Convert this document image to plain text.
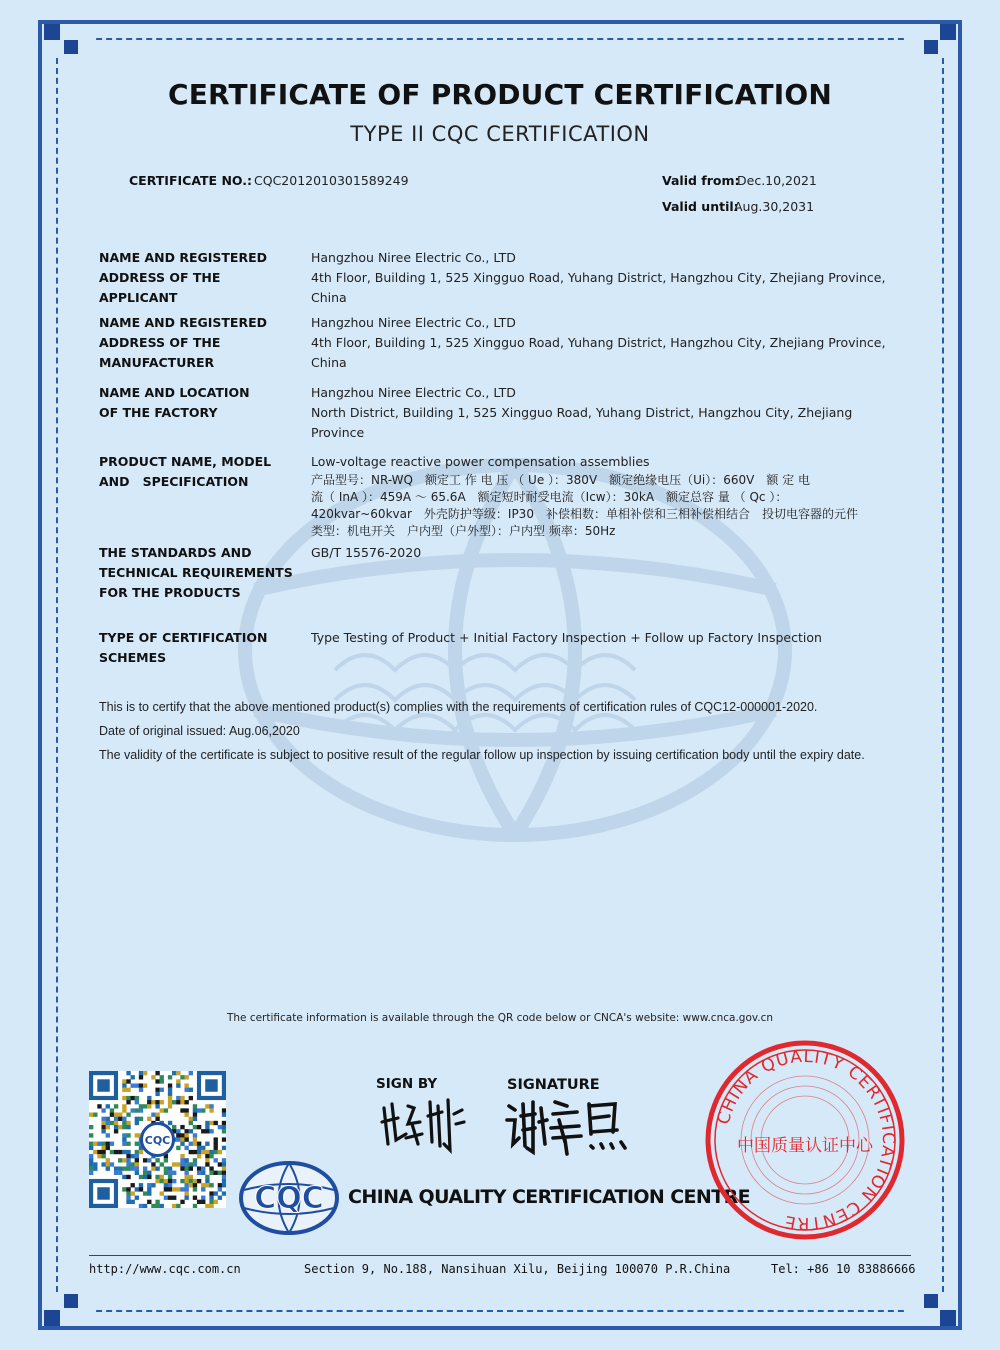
CERTIFICATE OF PRODUCT CERTIFICATION
TYPE II CQC CERTIFICATION
CERTIFICATE NO.: CQC2012010301589249	Valid from:
Dec.10,2021
Valid until:
Aug.30,2031
NAME AND REGISTERED
ADDRESS OF THE APPLICANT
Hangzhou Niree Electric Co., LTD
4th Floor, Building 1, 525 Xingguo Road, Yuhang District, Hangzhou City, Zhejiang Province,
China
NAME AND REGISTERED
ADDRESS OF THE
MANUFACTURER
Hangzhou Niree Electric Co., LTD
4th Floor, Building 1, 525 Xingguo Road, Yuhang District, Hangzhou City, Zhejiang Province,
China
NAME AND LOCATION
OF THE FACTORY
Hangzhou Niree Electric Co., LTD
North District, Building 1, 525 Xingguo Road, Yuhang District, Hangzhou City, Zhejiang Province
PRODUCT NAME, MODEL
AND   SPECIFICATION
Low-voltage reactive power compensation assemblies
产品型号：NR-WQ　额定工 作 电 压 （ Ue ）：380V　额定绝缘电压（Ui）：660V　额 定 电
流（ InA ）：459A ～ 65.6A　额定短时耐受电流（Icw）：30kA　额定总容 量 （ Qc ）：
420kvar~60kvar　外壳防护等级：IP30　补偿相数：单相补偿和三相补偿相结合　投切电容器的元件
类型：机电开关　户内型（户外型）：户内型 频率：50Hz
THE STANDARDS AND
TECHNICAL REQUIREMENTS
FOR THE PRODUCTS
GB/T 15576-2020
TYPE OF CERTIFICATION
SCHEMES
Type Testing of Product + Initial Factory Inspection + Follow up Factory Inspection
This is to certify that the above mentioned product(s) complies with the requirements of certification rules of CQC12-000001-2020.
Date of original issued: Aug.06,2020
The validity of the certificate is subject to positive result of the regular follow up inspection by issuing certification body until the expiry date.
The certificate information is available through the QR code below or CNCA's website: www.cnca.gov.cn
CQC
SIGN BY	SIGNATURE
CQC CHINA QUALITY CERTIFICATION CENTRE
CHINA QUALITY CERTIFICATION CENTRE
中国质量认证中心
http://www.cqc.com.cn	Section 9, No.188, Nansihuan Xilu, Beijing 100070 P.R.China	Tel: +86 10 83886666
